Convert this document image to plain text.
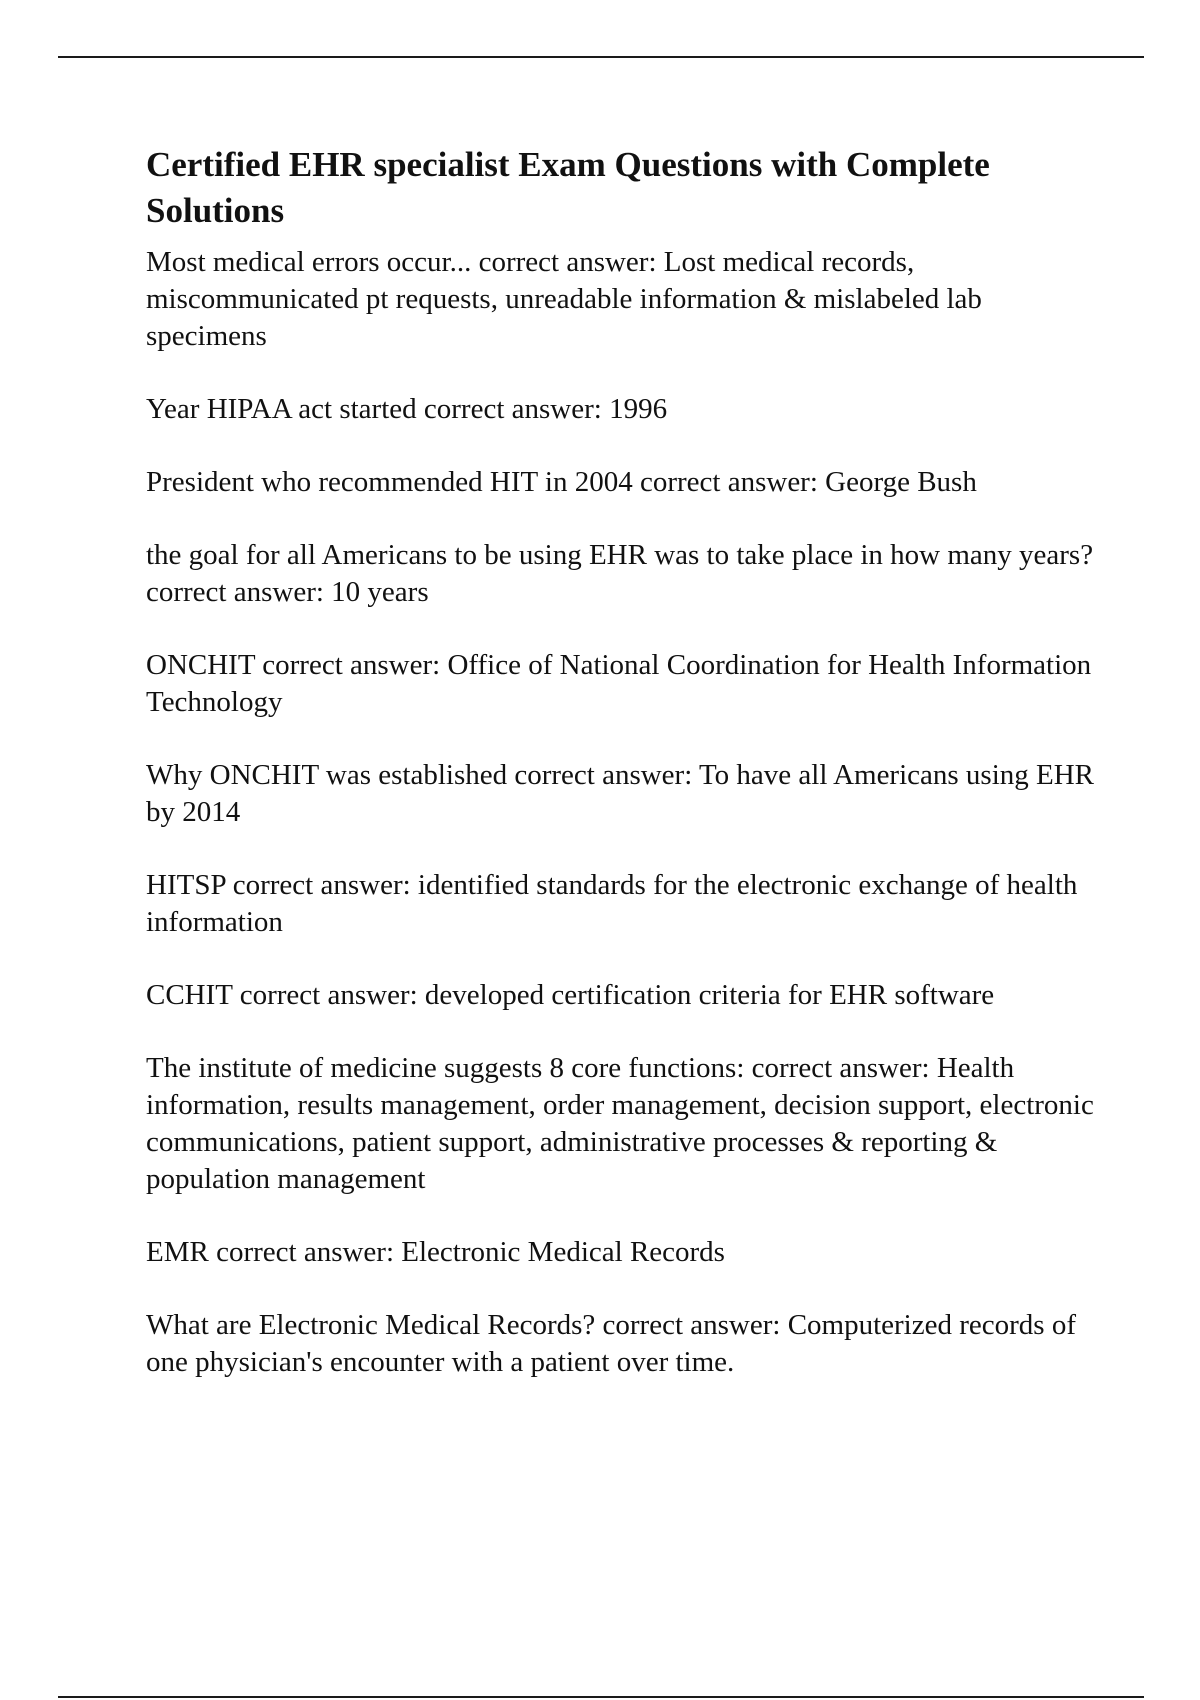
Certified EHR specialist Exam Questions with Complete Solutions
Most medical errors occur... correct answer: Lost medical records, miscommunicated pt requests, unreadable information & mislabeled lab specimens
Year HIPAA act started correct answer: 1996
President who recommended HIT in 2004 correct answer: George Bush
the goal for all Americans to be using EHR was to take place in how many years? correct answer: 10 years
ONCHIT correct answer: Office of National Coordination for Health Information Technology
Why ONCHIT was established correct answer: To have all Americans using EHR by 2014
HITSP correct answer: identified standards for the electronic exchange of health information
CCHIT correct answer: developed certification criteria for EHR software
The institute of medicine suggests 8 core functions: correct answer: Health information, results management, order management, decision support, electronic communications, patient support, administrative processes & reporting & population management
EMR correct answer: Electronic Medical Records
What are Electronic Medical Records? correct answer: Computerized records of one physician's encounter with a patient over time.
